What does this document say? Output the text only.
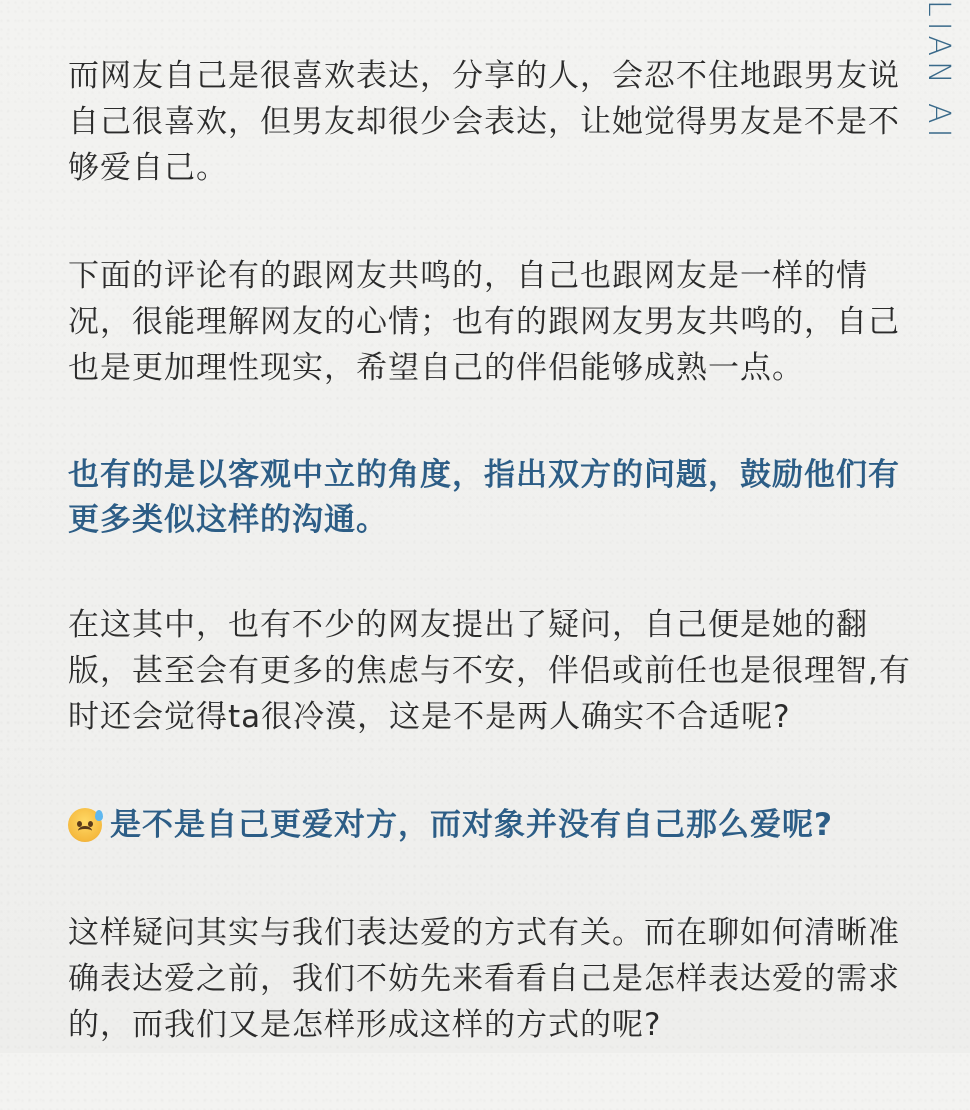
LIAN AI

而网友自己是很喜欢表达，分享的人，会忍不住地跟男友说自己很喜欢，但男友却很少会表达，让她觉得男友是不是不够爱自己。

下面的评论有的跟网友共鸣的，自己也跟网友是一样的情况，很能理解网友的心情；也有的跟网友男友共鸣的，自己也是更加理性现实，希望自己的伴侣能够成熟一点。

也有的是以客观中立的角度，指出双方的问题，鼓励他们有更多类似这样的沟通。

在这其中，也有不少的网友提出了疑问，自己便是她的翻版，甚至会有更多的焦虑与不安，伴侣或前任也是很理智,有时还会觉得ta很冷漠，这是不是两人确实不合适呢?

是不是自己更爱对方，而对象并没有自己那么爱呢?

这样疑问其实与我们表达爱的方式有关。而在聊如何清晰准确表达爱之前，我们不妨先来看看自己是怎样表达爱的需求的，而我们又是怎样形成这样的方式的呢?
